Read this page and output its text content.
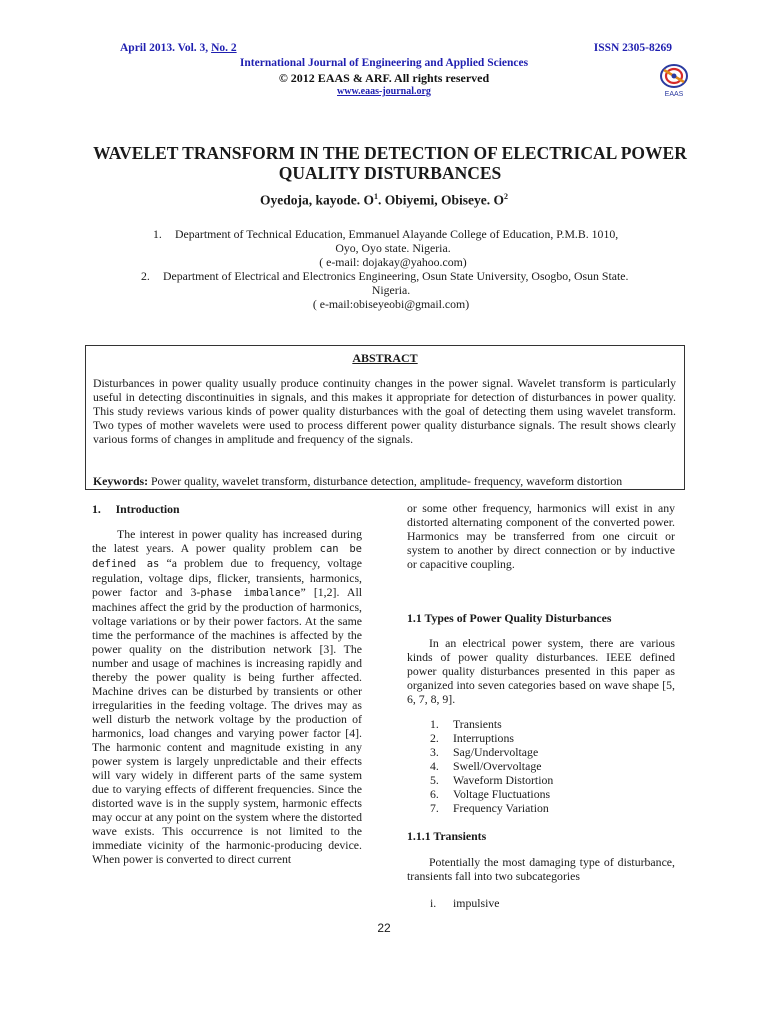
April 2013. Vol. 3, No. 2	ISSN 2305-8269
International Journal of Engineering and Applied Sciences
© 2012 EAAS & ARF. All rights reserved
www.eaas-journal.org	EAAS
WAVELET TRANSFORM IN THE DETECTION OF ELECTRICAL POWER QUALITY DISTURBANCES
Oyedoja, kayode. $O^1$. Obiyemi, Obiseye. $O^2$
1.	Department of Technical Education, Emmanuel Alayande College of Education, P.M.B. 1010,
Oyo, Oyo state. Nigeria.
( e-mail: dojakay@yahoo.com)
2.	Department of Electrical and Electronics Engineering, Osun State University, Osogbo, Osun State.
Nigeria.
( e-mail:obiseyeobi@gmail.com)
ABSTRACT
Disturbances in power quality usually produce continuity changes in the power signal. Wavelet transform is particularly useful in detecting discontinuities in signals, and this makes it appropriate for detection of disturbances in power quality. This study reviews various kinds of power quality disturbances with the goal of detecting them using wavelet transform. Two types of mother wavelets were used to process different power quality disturbance signals. The result shows clearly various forms of changes in amplitude and frequency of the signals.
Keywords: Power quality, wavelet transform, disturbance detection, amplitude- frequency, waveform distortion
1.     Introduction
The interest in power quality has increased during the latest years. A power quality problem can be defined as “a problem due to frequency, voltage regulation, voltage dips, flicker, transients, harmonics, power factor and 3-phase imbalance” [1,2]. All machines affect the grid by the production of harmonics, voltage variations or by their power factors. At the same time the performance of the machines is affected by the power quality on the distribution network [3]. The number and usage of machines is increasing rapidly and thereby the power quality is being further affected. Machine drives can be disturbed by transients or other irregularities in the feeding voltage. The drives may as well disturb the network voltage by the production of harmonics, load changes and varying power factor [4]. The harmonic content and magnitude existing in any power system is largely unpredictable and their effects will vary widely in different parts of the same system due to varying effects of different frequencies. Since the distorted wave is in the supply system, harmonic effects may occur at any point on the system where the distorted wave exists. This occurrence is not limited to the immediate vicinity of the harmonic-producing device. When power is converted to direct current
or some other frequency, harmonics will exist in any distorted alternating component of the converted power. Harmonics may be transferred from one circuit or system to another by direct connection or by inductive or capacitive coupling.
1.1 Types of Power Quality Disturbances
In an electrical power system, there are various kinds of power quality disturbances. IEEE defined power quality disturbances presented in this paper as organized into seven categories based on wave shape [5, 6, 7, 8, 9].
1. Transients
2. Interruptions
3. Sag/Undervoltage
4. Swell/Overvoltage
5. Waveform Distortion
6. Voltage Fluctuations
7. Frequency Variation
1.1.1 Transients
Potentially the most damaging type of disturbance, transients fall into two subcategories
i. impulsive
22
